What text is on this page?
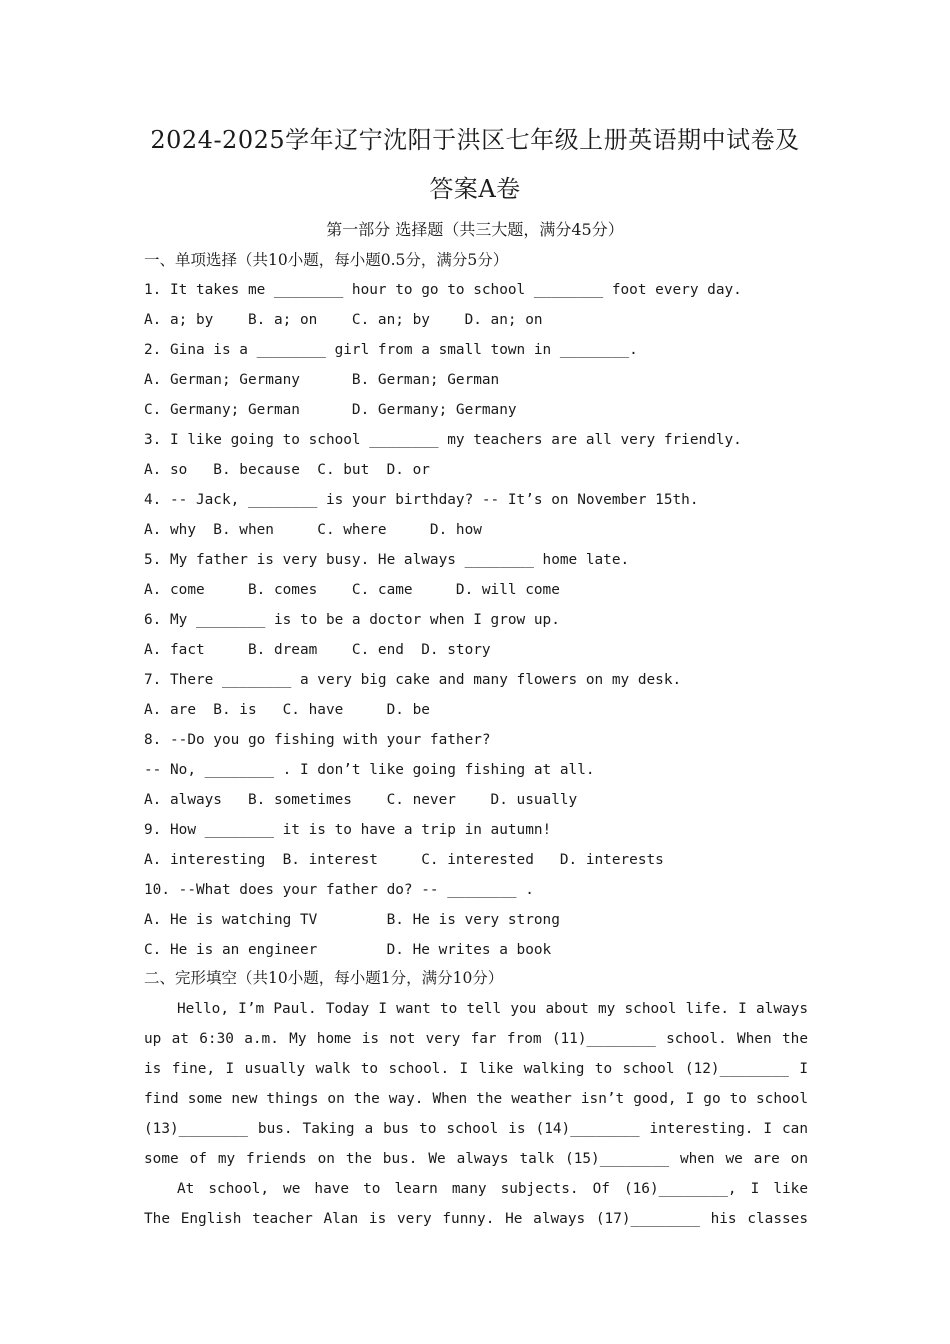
2024-2025学年辽宁沈阳于洪区七年级上册英语期中试卷及
答案A卷
第一部分 选择题（共三大题，满分45分）
一、单项选择（共10小题，每小题0.5分，满分5分）
1. It takes me ________ hour to go to school ________ foot every day.
A. a; by    B. a; on    C. an; by    D. an; on
2. Gina is a ________ girl from a small town in ________.
A. German; Germany      B. German; German
C. Germany; German      D. Germany; Germany
3. I like going to school ________ my teachers are all very friendly.
A. so   B. because  C. but  D. or
4. -- Jack, ________ is your birthday? -- It’s on November 15th.
A. why  B. when     C. where     D. how
5. My father is very busy. He always ________ home late.
A. come     B. comes    C. came     D. will come
6. My ________ is to be a doctor when I grow up.
A. fact     B. dream    C. end  D. story
7. There ________ a very big cake and many flowers on my desk.
A. are  B. is   C. have     D. be
8. --Do you go fishing with your father?
-- No, ________ . I don’t like going fishing at all.
A. always   B. sometimes    C. never    D. usually
9. How ________ it is to have a trip in autumn!
A. interesting  B. interest     C. interested   D. interests
10. --What does your father do? -- ________ .
A. He is watching TV        B. He is very strong
C. He is an engineer        D. He writes a book
二、完形填空（共10小题，每小题1分，满分10分）
Hello, I’m Paul. Today I want to tell you about my school life. I always
up at 6:30 a.m. My home is not very far from (11)________ school. When the
is fine, I usually walk to school. I like walking to school (12)________ I
find some new things on the way. When the weather isn’t good, I go to school
(13)________ bus. Taking a bus to school is (14)________ interesting. I can
some of my friends on the bus. We always talk (15)________ when we are on
At school, we have to learn many subjects. Of (16)________, I like
The English teacher Alan is very funny. He always (17)________ his classes
